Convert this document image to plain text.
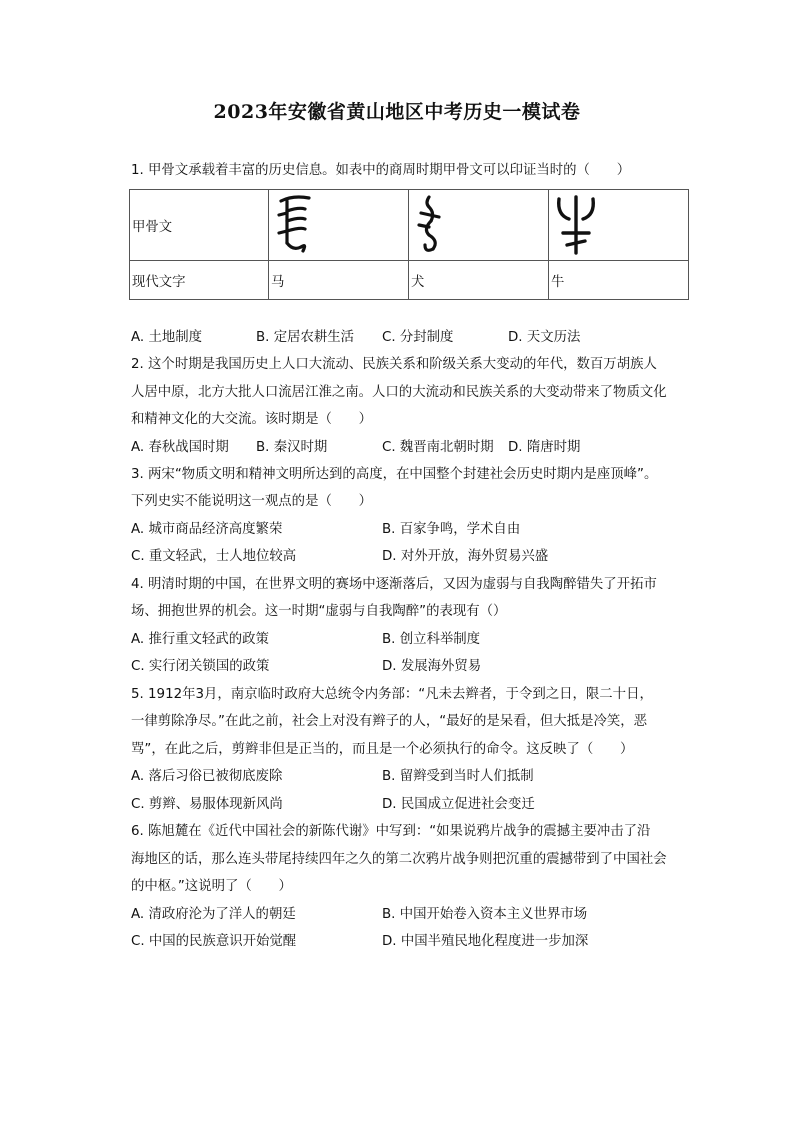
2023年安徽省黄山地区中考历史一模试卷
1. 甲骨文承载着丰富的历史信息。如表中的商周时期甲骨文可以印证当时的（　　）
甲骨文	

现代文字	马	犬	牛
A. 土地制度	B. 定居农耕生活 C. 分封制度	D. 天文历法
2. 这个时期是我国历史上人口大流动、民族关系和阶级关系大变动的年代，数百万胡族人
人居中原，北方大批人口流居江淮之南。人口的大流动和民族关系的大变动带来了物质文化
和精神文化的大交流。该时期是（　　）
A. 春秋战国时期 B. 秦汉时期	C. 魏晋南北朝时期 D. 隋唐时期
3. 两宋“物质文明和精神文明所达到的高度，在中国整个封建社会历史时期内是座顶峰”。
下列史实不能说明这一观点的是（　　）
A. 城市商品经济高度繁荣	B. 百家争鸣，学术自由
C. 重文轻武，士人地位较高	D. 对外开放，海外贸易兴盛
4. 明清时期的中国，在世界文明的赛场中逐渐落后，又因为虚弱与自我陶醉错失了开拓市
场、拥抱世界的机会。这一时期“虚弱与自我陶醉”的表现有（）
A. 推行重文轻武的政策	B. 创立科举制度
C. 实行闭关锁国的政策	D. 发展海外贸易
5. 1912年3月，南京临时政府大总统令内务部：“凡未去辫者，于令到之日，限二十日，
一律剪除净尽。”在此之前，社会上对没有辫子的人，“最好的是呆看，但大抵是冷笑，恶
骂”，在此之后，剪辫非但是正当的，而且是一个必须执行的命令。这反映了（　　）
A. 落后习俗已被彻底废除	B. 留辫受到当时人们抵制
C. 剪辫、易服体现新风尚	D. 民国成立促进社会变迁
6. 陈旭麓在《近代中国社会的新陈代谢》中写到：“如果说鸦片战争的震撼主要冲击了沿
海地区的话，那么连头带尾持续四年之久的第二次鸦片战争则把沉重的震撼带到了中国社会
的中枢。”这说明了（　　）
A. 清政府沦为了洋人的朝廷	B. 中国开始卷入资本主义世界市场
C. 中国的民族意识开始觉醒	D. 中国半殖民地化程度进一步加深
